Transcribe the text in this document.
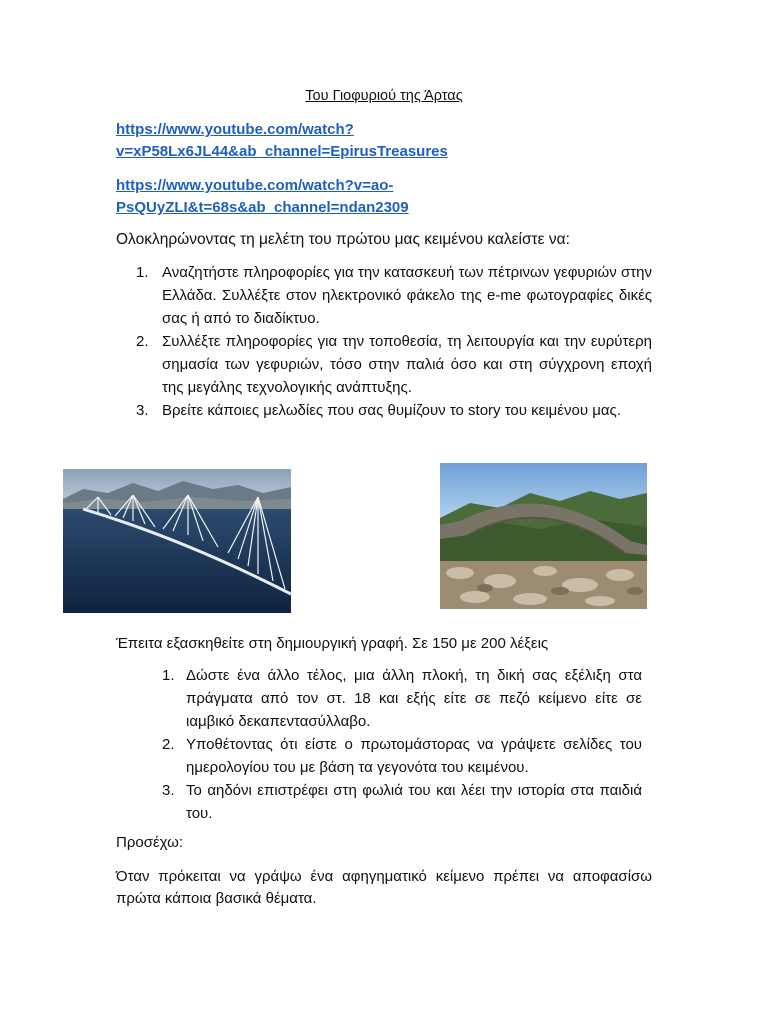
Του Γιοφυριού της Άρτας
https://www.youtube.com/watch?
v=xP58Lx6JL44&ab_channel=EpirusTreasures
https://www.youtube.com/watch?v=ao-
PsQUyZLI&t=68s&ab_channel=ndan2309
Ολοκληρώνοντας τη μελέτη του πρώτου μας κειμένου καλείστε να:
1. Αναζητήστε πληροφορίες για την κατασκευή των πέτρινων γεφυριών στην Ελλάδα. Συλλέξτε στον ηλεκτρονικό φάκελο της e-me φωτογραφίες δικές σας ή από το διαδίκτυο.
2. Συλλέξτε πληροφορίες για την τοποθεσία, τη λειτουργία και την ευρύτερη σημασία των γεφυριών, τόσο στην παλιά όσο και στη σύγχρονη εποχή της μεγάλης τεχνολογικής ανάπτυξης.
3. Βρείτε κάποιες μελωδίες που σας θυμίζουν το story του κειμένου μας.
Έπειτα εξασκηθείτε στη δημιουργική γραφή. Σε 150 με 200 λέξεις
1. Δώστε ένα άλλο τέλος, μια άλλη πλοκή, τη δική σας εξέλιξη στα πράγματα από τον στ. 18 και εξής είτε σε πεζό κείμενο είτε σε ιαμβικό δεκαπεντασύλλαβο.
2. Υποθέτοντας ότι είστε ο πρωτομάστορας να γράψετε σελίδες του ημερολογίου του με βάση τα γεγονότα του κειμένου.
3. Το αηδόνι επιστρέφει στη φωλιά του και λέει την ιστορία στα παιδιά του.
Προσέχω:
Όταν πρόκειται να γράψω ένα αφηγηματικό κείμενο πρέπει να αποφασίσω πρώτα κάποια βασικά θέματα.
